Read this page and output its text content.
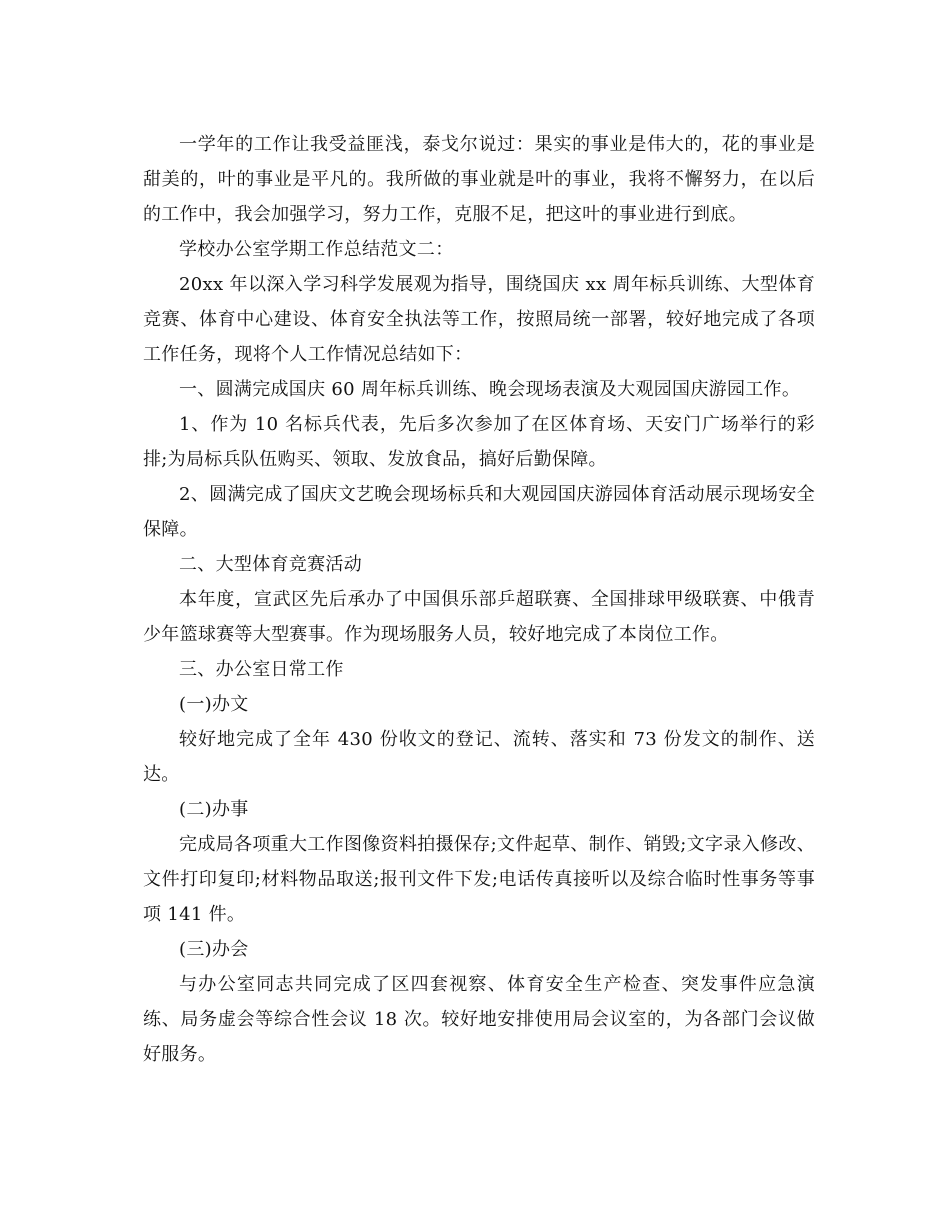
一学年的工作让我受益匪浅，泰戈尔说过：果实的事业是伟大的，花的事业是甜美的，叶的事业是平凡的。我所做的事业就是叶的事业，我将不懈努力，在以后的工作中，我会加强学习，努力工作，克服不足，把这叶的事业进行到底。

学校办公室学期工作总结范文二：

20xx 年以深入学习科学发展观为指导，围绕国庆 xx 周年标兵训练、大型体育竞赛、体育中心建设、体育安全执法等工作，按照局统一部署，较好地完成了各项工作任务，现将个人工作情况总结如下：

一、圆满完成国庆 60 周年标兵训练、晚会现场表演及大观园国庆游园工作。

1、作为 10 名标兵代表，先后多次参加了在区体育场、天安门广场举行的彩排;为局标兵队伍购买、领取、发放食品，搞好后勤保障。

2、圆满完成了国庆文艺晚会现场标兵和大观园国庆游园体育活动展示现场安全保障。

二、大型体育竞赛活动

本年度，宣武区先后承办了中国俱乐部乒超联赛、全国排球甲级联赛、中俄青少年篮球赛等大型赛事。作为现场服务人员，较好地完成了本岗位工作。

三、办公室日常工作

(一)办文

较好地完成了全年 430 份收文的登记、流转、落实和 73 份发文的制作、送达。

(二)办事

完成局各项重大工作图像资料拍摄保存;文件起草、制作、销毁;文字录入修改、文件打印复印;材料物品取送;报刊文件下发;电话传真接听以及综合临时性事务等事项 141 件。

(三)办会

与办公室同志共同完成了区四套视察、体育安全生产检查、突发事件应急演练、局务虚会等综合性会议 18 次。较好地安排使用局会议室的，为各部门会议做好服务。
